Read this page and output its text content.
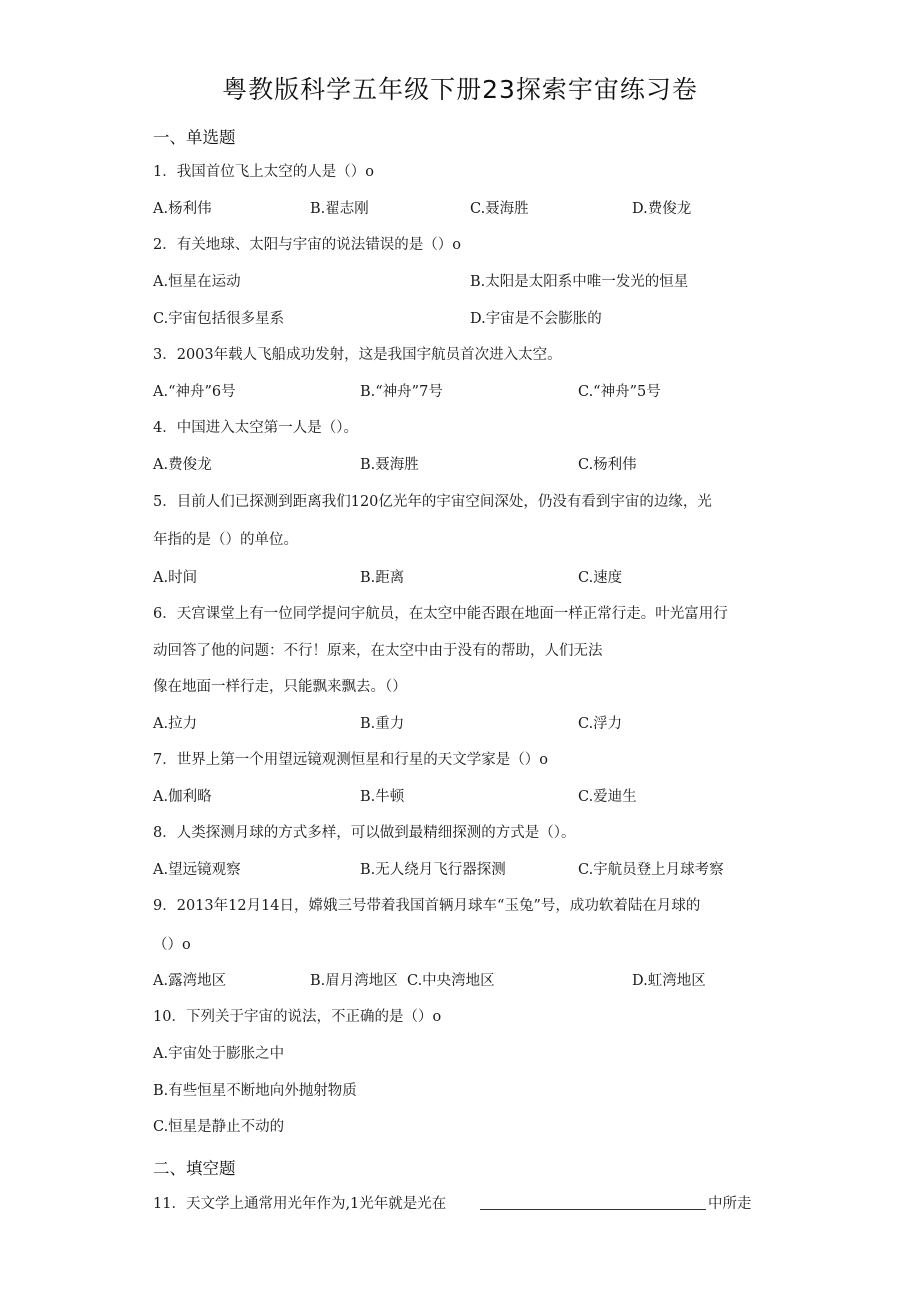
粤教版科学五年级下册23探索宇宙练习卷
一、单选题
1．我国首位飞上太空的人是（）o
A.杨利伟	B.翟志刚	C.聂海胜	D.费俊龙
2．有关地球、太阳与宇宙的说法错误的是（）o
A.恒星在运动	B.太阳是太阳系中唯一发光的恒星
C.宇宙包括很多星系	D.宇宙是不会膨胀的
3．2003年载人飞船成功发射，这是我国宇航员首次进入太空。
A.“神舟”6号	B.“神舟”7号	C.“神舟”5号
4．中国进入太空第一人是（）。
A.费俊龙	B.聂海胜	C.杨利伟
5．目前人们已探测到距离我们120亿光年的宇宙空间深处，仍没有看到宇宙的边缘，光
年指的是（）的单位。
A.时间	B.距离	C.速度
6．天宫课堂上有一位同学提问宇航员，在太空中能否跟在地面一样正常行走。叶光富用行
动回答了他的问题：不行！原来，在太空中由于没有的帮助，人们无法
像在地面一样行走，只能飘来飘去。（）
A.拉力	B.重力	C.浮力
7．世界上第一个用望远镜观测恒星和行星的天文学家是（）o
A.伽利略	B.牛顿	C.爱迪生
8．人类探测月球的方式多样，可以做到最精细探测的方式是（）。
A.望远镜观察	B.无人绕月飞行器探测	C.宇航员登上月球考察
9．2013年12月14日，嫦娥三号带着我国首辆月球车“玉兔”号，成功软着陆在月球的
（）o
A.露湾地区	B.眉月湾地区 C.中央湾地区	D.虹湾地区
10．下列关于宇宙的说法，不正确的是（）o
A.宇宙处于膨胀之中
B.有些恒星不断地向外抛射物质
C.恒星是静止不动的
二、填空题
11．天文学上通常用光年作为,1光年就是光在	中所走
